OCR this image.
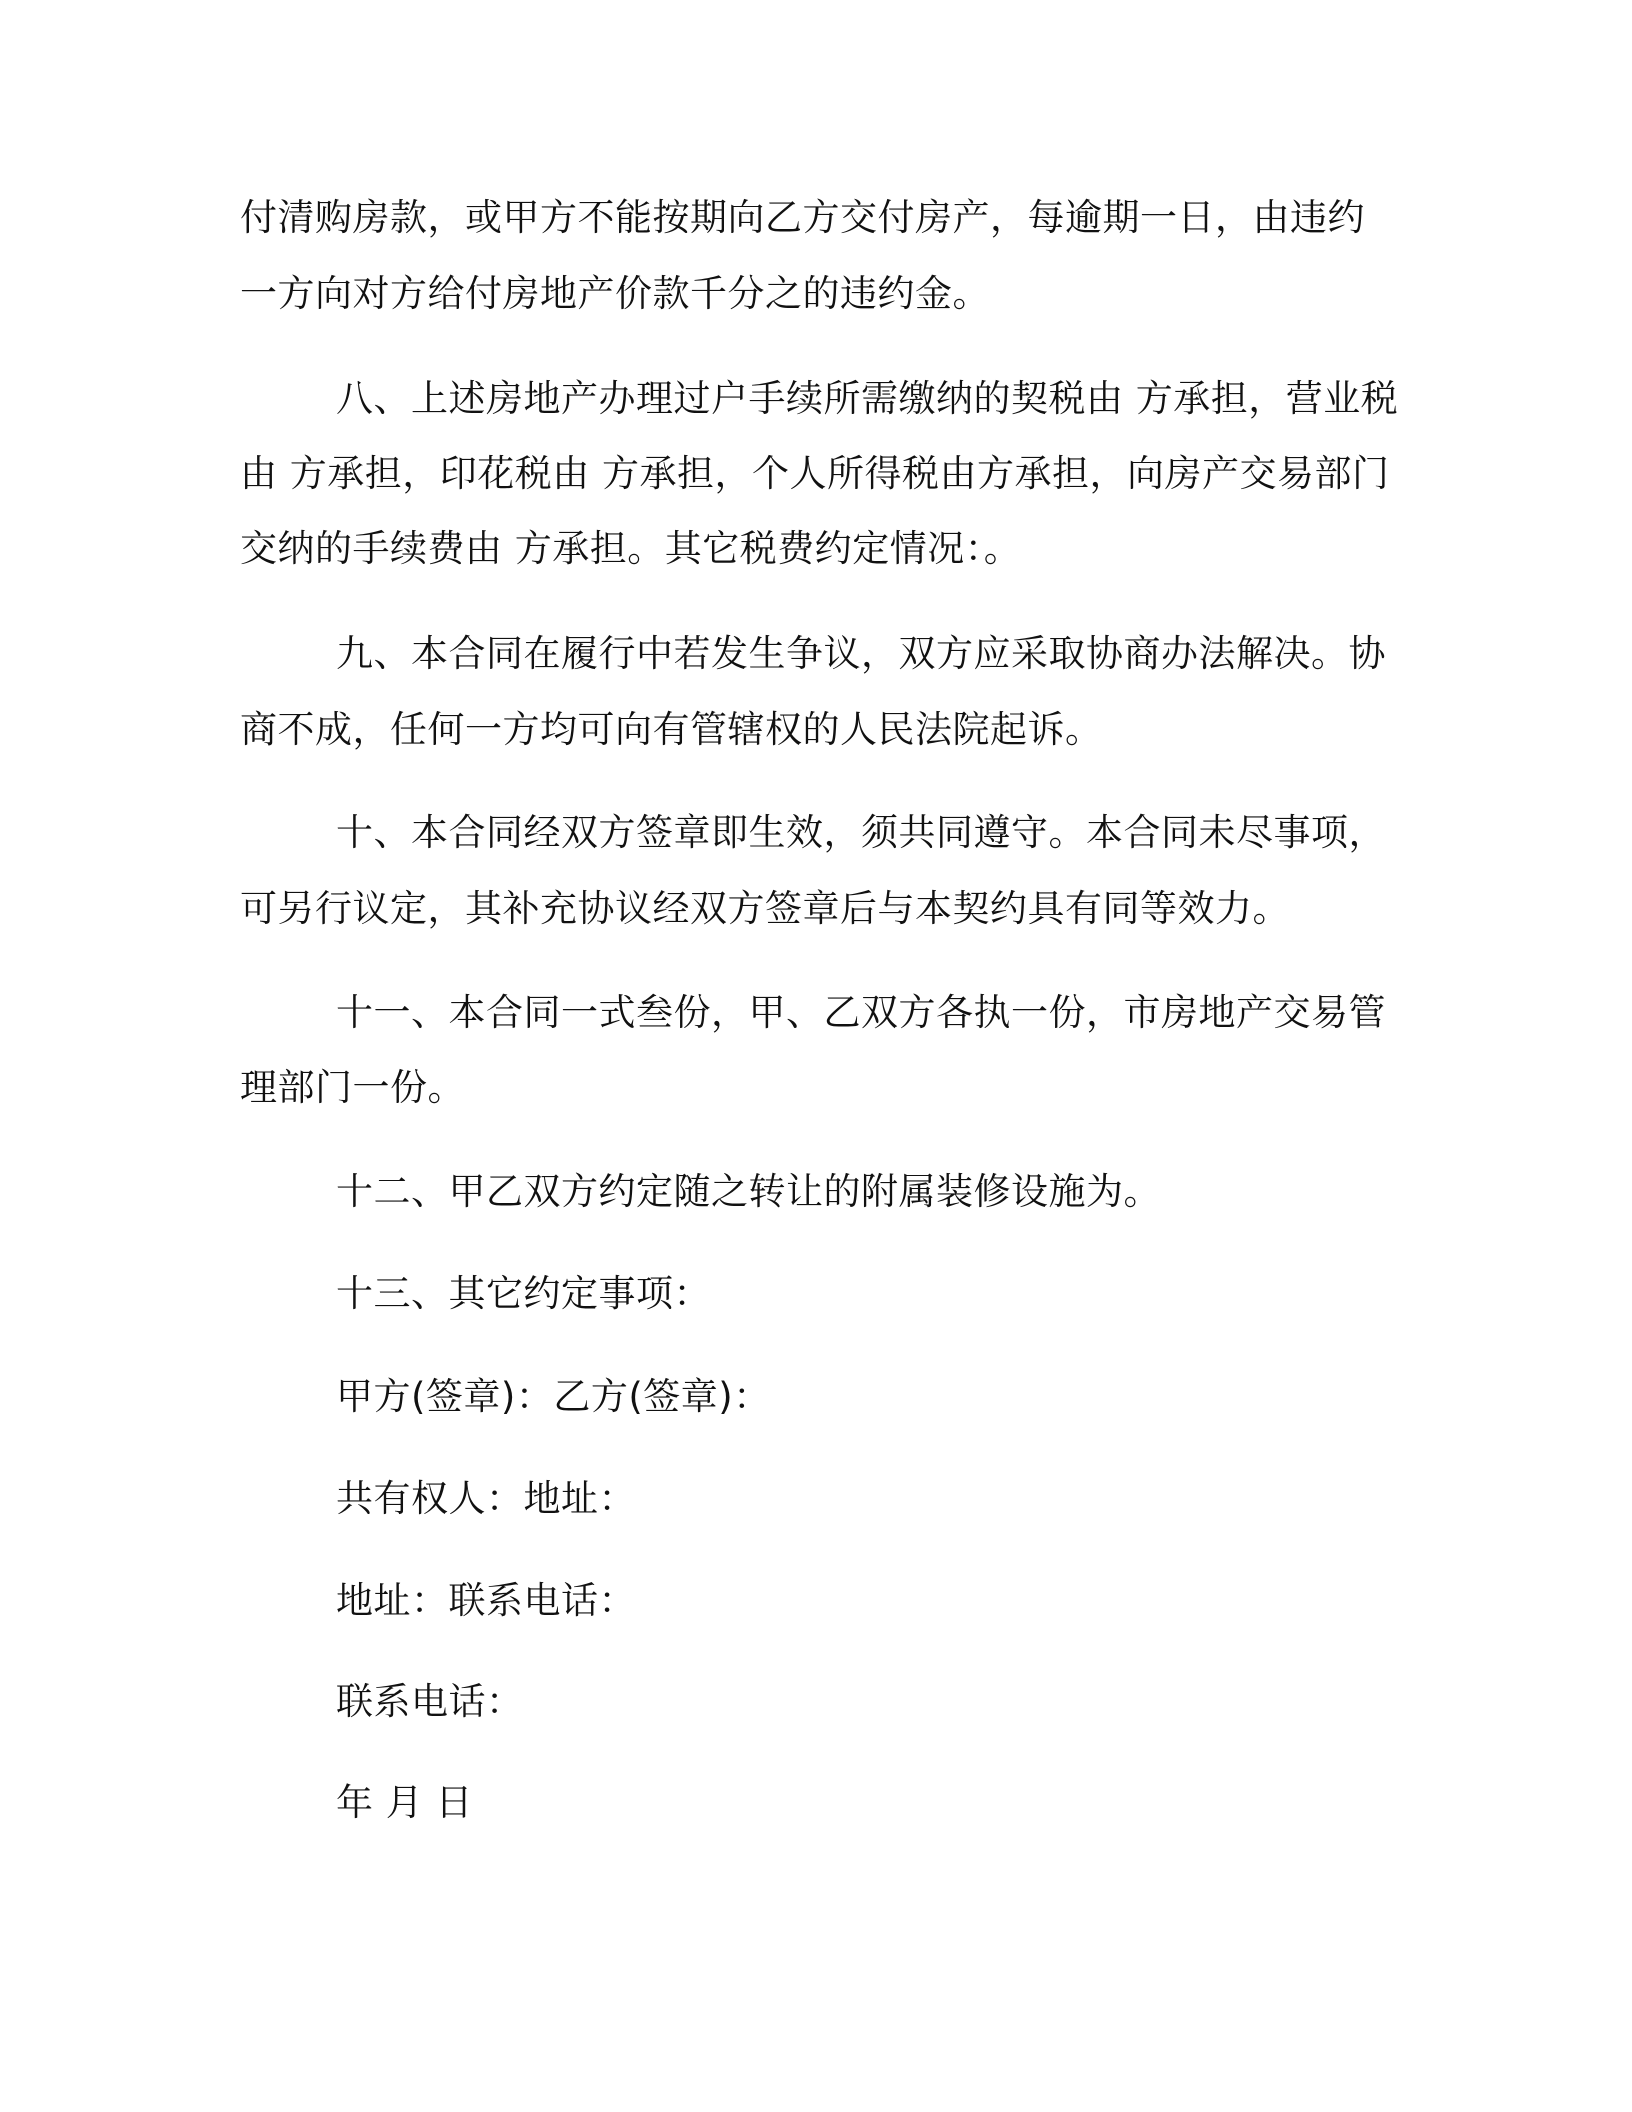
付清购房款，或甲方不能按期向乙方交付房产，每逾期一日，由违约
一方向对方给付房地产价款千分之的违约金。
八、上述房地产办理过户手续所需缴纳的契税由 方承担，营业税
由 方承担，印花税由 方承担，个人所得税由方承担，向房产交易部门
交纳的手续费由 方承担。其它税费约定情况：。
九、本合同在履行中若发生争议，双方应采取协商办法解决。协
商不成，任何一方均可向有管辖权的人民法院起诉。
十、本合同经双方签章即生效，须共同遵守。本合同未尽事项，
可另行议定，其补充协议经双方签章后与本契约具有同等效力。
十一、本合同一式叁份，甲、乙双方各执一份，市房地产交易管
理部门一份。
十二、甲乙双方约定随之转让的附属装修设施为。
十三、其它约定事项：
甲方(签章)：乙方(签章)：
共有权人：地址：
地址：联系电话：
联系电话：
年 月 日
